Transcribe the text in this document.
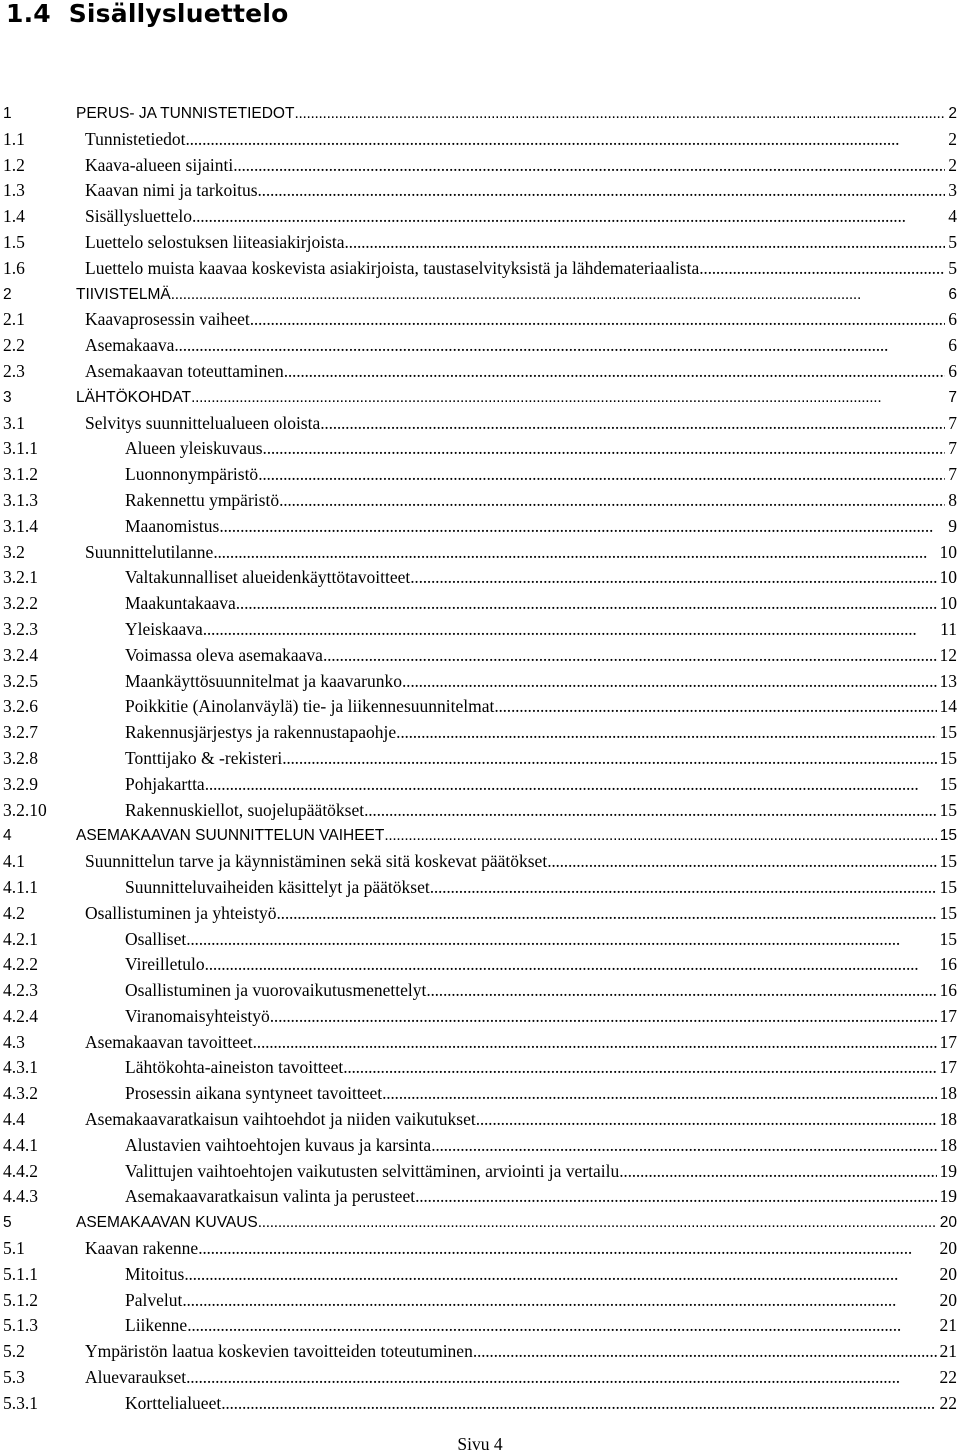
1.4  Sisällysluettelo
1	PERUS- JA TUNNISTETIEDOT . . .	2
1.1	Tunnistetiedot . . .	2
1.2	Kaava-alueen sijainti . . .	2
1.3	Kaavan nimi ja tarkoitus . . .	3
1.4	Sisällysluettelo . . .	4
1.5	Luettelo selostuksen liiteasiakirjoista . . .	5
1.6	Luettelo muista kaavaa koskevista asiakirjoista, taustaselvityksistä ja lähdemateriaalista . . .	5
2	TIIVISTELMÄ . . .	6
2.1	Kaavaprosessin vaiheet . . .	6
2.2	Asemakaava . . .	6
2.3	Asemakaavan toteuttaminen . . .	6
3	LÄHTÖKOHDAT . . .	7
3.1	Selvitys suunnittelualueen oloista . . .	7
3.1.1	Alueen yleiskuvaus . . .	7
3.1.2	Luonnonympäristö . . .	7
3.1.3	Rakennettu ympäristö . . .	8
3.1.4	Maanomistus . . .	9
3.2	Suunnittelutilanne . . .	10
3.2.1	Valtakunnalliset alueidenkäyttötavoitteet . . .	10
3.2.2	Maakuntakaava . . .	10
3.2.3	Yleiskaava . . .	11
3.2.4	Voimassa oleva asemakaava . . .	12
3.2.5	Maankäyttösuunnitelmat ja kaavarunko . . .	13
3.2.6	Poikkitie (Ainolanväylä) tie- ja liikennesuunnitelmat . . .	14
3.2.7	Rakennusjärjestys ja rakennustapaohje . . .	15
3.2.8	Tonttijako & -rekisteri . . .	15
3.2.9	Pohjakartta . . .	15
3.2.10	Rakennuskiellot, suojelupäätökset . . .	15
4	ASEMAKAAVAN SUUNNITTELUN VAIHEET . . .	15
4.1	Suunnittelun tarve ja käynnistäminen sekä sitä koskevat päätökset . . .	15
4.1.1	Suunnitteluvaiheiden käsittelyt ja päätökset . . .	15
4.2	Osallistuminen ja yhteistyö . . .	15
4.2.1	Osalliset . . .	15
4.2.2	Vireilletulo . . .	16
4.2.3	Osallistuminen ja vuorovaikutusmenettelyt . . .	16
4.2.4	Viranomaisyhteistyö . . .	17
4.3	Asemakaavan tavoitteet . . .	17
4.3.1	Lähtökohta-aineiston tavoitteet . . .	17
4.3.2	Prosessin aikana syntyneet tavoitteet . . .	18
4.4	Asemakaavaratkaisun vaihtoehdot ja niiden vaikutukset . . .	18
4.4.1	Alustavien vaihtoehtojen kuvaus ja karsinta . . .	18
4.4.2	Valittujen vaihtoehtojen vaikutusten selvittäminen, arviointi ja vertailu . . .	19
4.4.3	Asemakaavaratkaisun valinta ja perusteet . . .	19
5	ASEMAKAAVAN KUVAUS . . .	20
5.1	Kaavan rakenne . . .	20
5.1.1	Mitoitus . . .	20
5.1.2	Palvelut . . .	20
5.1.3	Liikenne . . .	21
5.2	Ympäristön laatua koskevien tavoitteiden toteutuminen . . .	21
5.3	Aluevaraukset . . .	22
5.3.1	Korttelialueet . . .	22
Sivu 4
